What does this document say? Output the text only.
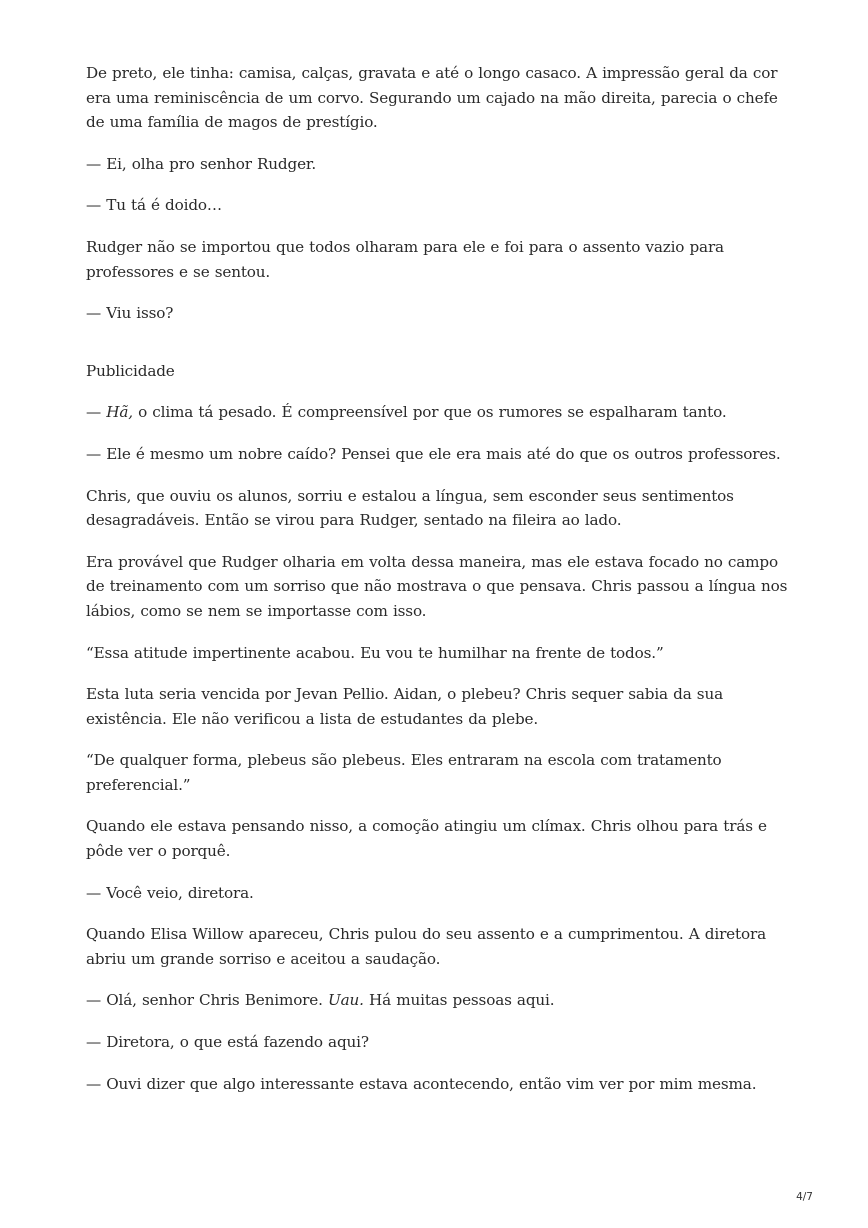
De preto, ele tinha: camisa, calças, gravata e até o longo casaco. A impressão geral da cor era uma reminiscência de um corvo. Segurando um cajado na mão direita, parecia o chefe de uma família de magos de prestígio.

— Ei, olha pro senhor Rudger.

— Tu tá é doido…

Rudger não se importou que todos olharam para ele e foi para o assento vazio para professores e se sentou.

— Viu isso?

Publicidade

— Hã, o clima tá pesado. É compreensível por que os rumores se espalharam tanto.

— Ele é mesmo um nobre caído? Pensei que ele era mais até do que os outros professores.

Chris, que ouviu os alunos, sorriu e estalou a língua, sem esconder seus sentimentos desagradáveis. Então se virou para Rudger, sentado na fileira ao lado.

Era provável que Rudger olharia em volta dessa maneira, mas ele estava focado no campo de treinamento com um sorriso que não mostrava o que pensava. Chris passou a língua nos lábios, como se nem se importasse com isso.

“Essa atitude impertinente acabou. Eu vou te humilhar na frente de todos.”

Esta luta seria vencida por Jevan Pellio. Aidan, o plebeu? Chris sequer sabia da sua existência. Ele não verificou a lista de estudantes da plebe.

“De qualquer forma, plebeus são plebeus. Eles entraram na escola com tratamento preferencial.”

Quando ele estava pensando nisso, a comoção atingiu um clímax. Chris olhou para trás e pôde ver o porquê.

— Você veio, diretora.

Quando Elisa Willow apareceu, Chris pulou do seu assento e a cumprimentou. A diretora abriu um grande sorriso e aceitou a saudação.

— Olá, senhor Chris Benimore. Uau. Há muitas pessoas aqui.

— Diretora, o que está fazendo aqui?

— Ouvi dizer que algo interessante estava acontecendo, então vim ver por mim mesma.

4/7
